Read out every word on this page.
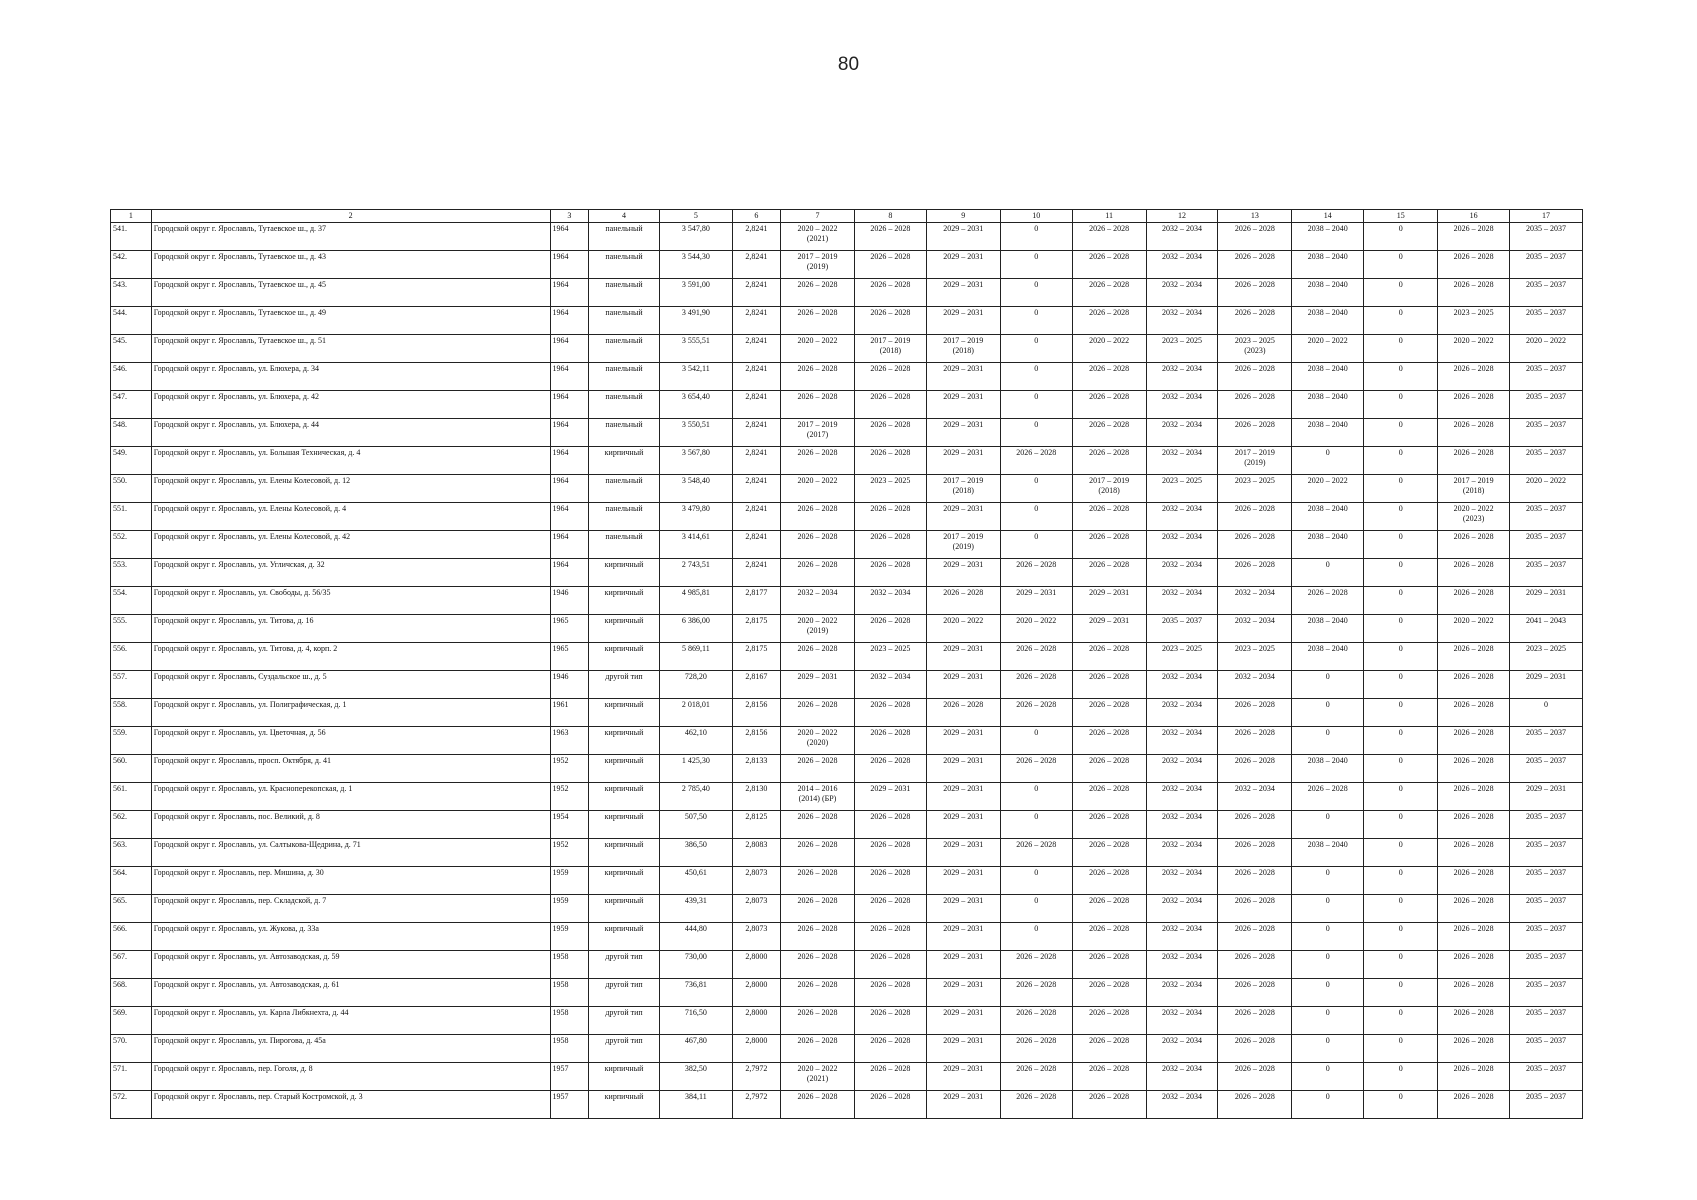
80
1	2	3	4	5	6	7	8	9	10	11	12	13	14	15	16	17
541.	Городской округ г. Ярославль, Тутаевское ш., д. 37	1964	панельный	3 547,80	2,8241	2020 – 2022
(2021)	2026 – 2028	2029 – 2031	0	2026 – 2028	2032 – 2034	2026 – 2028	2038 – 2040	0	2026 – 2028	2035 – 2037
542.	Городской округ г. Ярославль, Тутаевское ш., д. 43	1964	панельный	3 544,30	2,8241	2017 – 2019
(2019)	2026 – 2028	2029 – 2031	0	2026 – 2028	2032 – 2034	2026 – 2028	2038 – 2040	0	2026 – 2028	2035 – 2037
543.	Городской округ г. Ярославль, Тутаевское ш., д. 45	1964	панельный	3 591,00	2,8241	2026 – 2028	2026 – 2028	2029 – 2031	0	2026 – 2028	2032 – 2034	2026 – 2028	2038 – 2040	0	2026 – 2028	2035 – 2037
544.	Городской округ г. Ярославль, Тутаевское ш., д. 49	1964	панельный	3 491,90	2,8241	2026 – 2028	2026 – 2028	2029 – 2031	0	2026 – 2028	2032 – 2034	2026 – 2028	2038 – 2040	0	2023 – 2025	2035 – 2037
545.	Городской округ г. Ярославль, Тутаевское ш., д. 51	1964	панельный	3 555,51	2,8241	2020 – 2022	2017 – 2019
(2018)	2017 – 2019
(2018)	0	2020 – 2022	2023 – 2025	2023 – 2025
(2023)	2020 – 2022	0	2020 – 2022	2020 – 2022
546.	Городской округ г. Ярославль, ул. Блюхера, д. 34	1964	панельный	3 542,11	2,8241	2026 – 2028	2026 – 2028	2029 – 2031	0	2026 – 2028	2032 – 2034	2026 – 2028	2038 – 2040	0	2026 – 2028	2035 – 2037
547.	Городской округ г. Ярославль, ул. Блюхера, д. 42	1964	панельный	3 654,40	2,8241	2026 – 2028	2026 – 2028	2029 – 2031	0	2026 – 2028	2032 – 2034	2026 – 2028	2038 – 2040	0	2026 – 2028	2035 – 2037
548.	Городской округ г. Ярославль, ул. Блюхера, д. 44	1964	панельный	3 550,51	2,8241	2017 – 2019
(2017)	2026 – 2028	2029 – 2031	0	2026 – 2028	2032 – 2034	2026 – 2028	2038 – 2040	0	2026 – 2028	2035 – 2037
549.	Городской округ г. Ярославль, ул. Большая Техническая, д. 4	1964	кирпичный	3 567,80	2,8241	2026 – 2028	2026 – 2028	2029 – 2031	2026 – 2028	2026 – 2028	2032 – 2034	2017 – 2019
(2019)	0	0	2026 – 2028	2035 – 2037
550.	Городской округ г. Ярославль, ул. Елены Колесовой, д. 12	1964	панельный	3 548,40	2,8241	2020 – 2022	2023 – 2025	2017 – 2019
(2018)	0	2017 – 2019
(2018)	2023 – 2025	2023 – 2025	2020 – 2022	0	2017 – 2019
(2018)	2020 – 2022
551.	Городской округ г. Ярославль, ул. Елены Колесовой, д. 4	1964	панельный	3 479,80	2,8241	2026 – 2028	2026 – 2028	2029 – 2031	0	2026 – 2028	2032 – 2034	2026 – 2028	2038 – 2040	0	2020 – 2022
(2023)	2035 – 2037
552.	Городской округ г. Ярославль, ул. Елены Колесовой, д. 42	1964	панельный	3 414,61	2,8241	2026 – 2028	2026 – 2028	2017 – 2019
(2019)	0	2026 – 2028	2032 – 2034	2026 – 2028	2038 – 2040	0	2026 – 2028	2035 – 2037
553.	Городской округ г. Ярославль, ул. Угличская, д. 32	1964	кирпичный	2 743,51	2,8241	2026 – 2028	2026 – 2028	2029 – 2031	2026 – 2028	2026 – 2028	2032 – 2034	2026 – 2028	0	0	2026 – 2028	2035 – 2037
554.	Городской округ г. Ярославль, ул. Свободы, д. 56/35	1946	кирпичный	4 985,81	2,8177	2032 – 2034	2032 – 2034	2026 – 2028	2029 – 2031	2029 – 2031	2032 – 2034	2032 – 2034	2026 – 2028	0	2026 – 2028	2029 – 2031
555.	Городской округ г. Ярославль, ул. Титова, д. 16	1965	кирпичный	6 386,00	2,8175	2020 – 2022
(2019)	2026 – 2028	2020 – 2022	2020 – 2022	2029 – 2031	2035 – 2037	2032 – 2034	2038 – 2040	0	2020 – 2022	2041 – 2043
556.	Городской округ г. Ярославль, ул. Титова, д. 4, корп. 2	1965	кирпичный	5 869,11	2,8175	2026 – 2028	2023 – 2025	2029 – 2031	2026 – 2028	2026 – 2028	2023 – 2025	2023 – 2025	2038 – 2040	0	2026 – 2028	2023 – 2025
557.	Городской округ г. Ярославль, Суздальское ш., д. 5	1946	другой тип	728,20	2,8167	2029 – 2031	2032 – 2034	2029 – 2031	2026 – 2028	2026 – 2028	2032 – 2034	2032 – 2034	0	0	2026 – 2028	2029 – 2031
558.	Городской округ г. Ярославль, ул. Полиграфическая, д. 1	1961	кирпичный	2 018,01	2,8156	2026 – 2028	2026 – 2028	2026 – 2028	2026 – 2028	2026 – 2028	2032 – 2034	2026 – 2028	0	0	2026 – 2028	0
559.	Городской округ г. Ярославль, ул. Цветочная, д. 56	1963	кирпичный	462,10	2,8156	2020 – 2022
(2020)	2026 – 2028	2029 – 2031	0	2026 – 2028	2032 – 2034	2026 – 2028	0	0	2026 – 2028	2035 – 2037
560.	Городской округ г. Ярославль, просп. Октября, д. 41	1952	кирпичный	1 425,30	2,8133	2026 – 2028	2026 – 2028	2029 – 2031	2026 – 2028	2026 – 2028	2032 – 2034	2026 – 2028	2038 – 2040	0	2026 – 2028	2035 – 2037
561.	Городской округ г. Ярославль, ул. Красноперекопская, д. 1	1952	кирпичный	2 785,40	2,8130	2014 – 2016
(2014) (БР)	2029 – 2031	2029 – 2031	0	2026 – 2028	2032 – 2034	2032 – 2034	2026 – 2028	0	2026 – 2028	2029 – 2031
562.	Городской округ г. Ярославль, пос. Великий, д. 8	1954	кирпичный	507,50	2,8125	2026 – 2028	2026 – 2028	2029 – 2031	0	2026 – 2028	2032 – 2034	2026 – 2028	0	0	2026 – 2028	2035 – 2037
563.	Городской округ г. Ярославль, ул. Салтыкова-Щедрина, д. 71	1952	кирпичный	386,50	2,8083	2026 – 2028	2026 – 2028	2029 – 2031	2026 – 2028	2026 – 2028	2032 – 2034	2026 – 2028	2038 – 2040	0	2026 – 2028	2035 – 2037
564.	Городской округ г. Ярославль, пер. Мишина, д. 30	1959	кирпичный	450,61	2,8073	2026 – 2028	2026 – 2028	2029 – 2031	0	2026 – 2028	2032 – 2034	2026 – 2028	0	0	2026 – 2028	2035 – 2037
565.	Городской округ г. Ярославль, пер. Складской, д. 7	1959	кирпичный	439,31	2,8073	2026 – 2028	2026 – 2028	2029 – 2031	0	2026 – 2028	2032 – 2034	2026 – 2028	0	0	2026 – 2028	2035 – 2037
566.	Городской округ г. Ярославль, ул. Жукова, д. 33а	1959	кирпичный	444,80	2,8073	2026 – 2028	2026 – 2028	2029 – 2031	0	2026 – 2028	2032 – 2034	2026 – 2028	0	0	2026 – 2028	2035 – 2037
567.	Городской округ г. Ярославль, ул. Автозаводская, д. 59	1958	другой тип	730,00	2,8000	2026 – 2028	2026 – 2028	2029 – 2031	2026 – 2028	2026 – 2028	2032 – 2034	2026 – 2028	0	0	2026 – 2028	2035 – 2037
568.	Городской округ г. Ярославль, ул. Автозаводская, д. 61	1958	другой тип	736,81	2,8000	2026 – 2028	2026 – 2028	2029 – 2031	2026 – 2028	2026 – 2028	2032 – 2034	2026 – 2028	0	0	2026 – 2028	2035 – 2037
569.	Городской округ г. Ярославль, ул. Карла Либкнехта, д. 44	1958	другой тип	716,50	2,8000	2026 – 2028	2026 – 2028	2029 – 2031	2026 – 2028	2026 – 2028	2032 – 2034	2026 – 2028	0	0	2026 – 2028	2035 – 2037
570.	Городской округ г. Ярославль, ул. Пирогова, д. 45а	1958	другой тип	467,80	2,8000	2026 – 2028	2026 – 2028	2029 – 2031	2026 – 2028	2026 – 2028	2032 – 2034	2026 – 2028	0	0	2026 – 2028	2035 – 2037
571.	Городской округ г. Ярославль, пер. Гоголя, д. 8	1957	кирпичный	382,50	2,7972	2020 – 2022
(2021)	2026 – 2028	2029 – 2031	2026 – 2028	2026 – 2028	2032 – 2034	2026 – 2028	0	0	2026 – 2028	2035 – 2037
572.	Городской округ г. Ярославль, пер. Старый Костромской, д. 3	1957	кирпичный	384,11	2,7972	2026 – 2028	2026 – 2028	2029 – 2031	2026 – 2028	2026 – 2028	2032 – 2034	2026 – 2028	0	0	2026 – 2028	2035 – 2037
